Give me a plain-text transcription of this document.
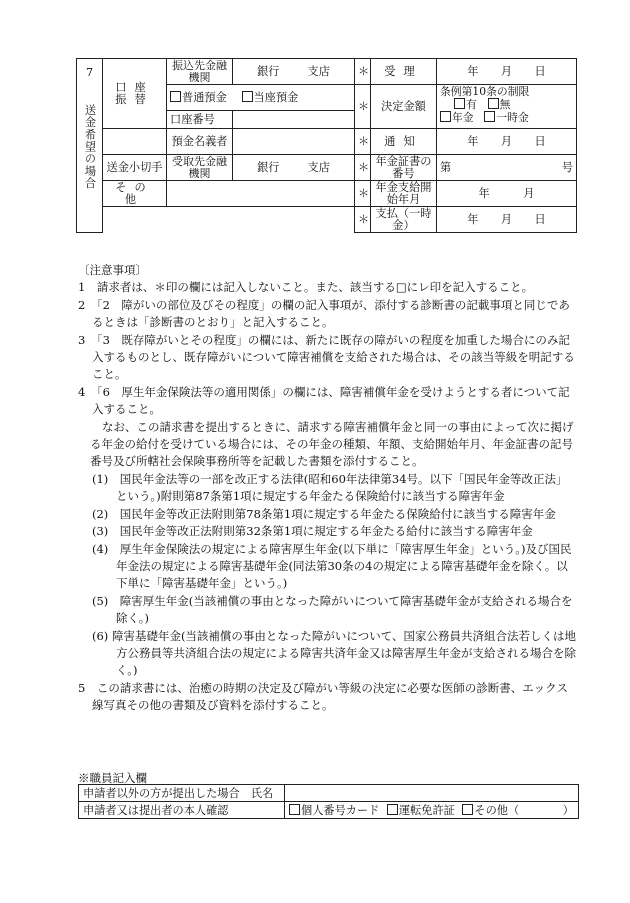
7
送金希望の場合	口座振替	振込先金融機関	銀行 支店	＊	受理	年　　 月　　 日
		普通預金　 当座預金		＊	決定金額	条例第10条の制限
有　 無
年金　 一時金

		口座番号				
		預金名義者		＊	通知	年　　 月　　 日
	送金小切手	受取先金融機関	銀行 支店	＊	年金証書の番号	第 号

	その他			＊	年金支給開始年月	年　　　 月
				＊	支払（一時金）	年　　 月　　 日

〔注意事項〕

1　請求者は、＊印の欄には記入しないこと。また、該当する□にレ印を記入すること。

2　「2　障がいの部位及びその程度」の欄の記入事項が、添付する診断書の記載事項と同じであるときは「診断書のとおり」と記入すること。

3　「3　既存障がいとその程度」の欄には、新たに既存の障がいの程度を加重した場合にのみ記入するものとし、既存障がいについて障害補償を支給された場合は、その該当等級を明記すること。

4　「6　厚生年金保険法等の適用関係」の欄には、障害補償年金を受けようとする者について記入すること。

なお、この請求書を提出するときに、請求する障害補償年金と同一の事由によって次に掲げる年金の給付を受けている場合には、その年金の種類、年額、支給開始年月、年金証書の記号番号及び所轄社会保険事務所等を記載した書類を添付すること。

(1)　国民年金法等の一部を改正する法律(昭和60年法律第34号。以下「国民年金等改正法」という。)附則第87条第1項に規定する年金たる保険給付に該当する障害年金

(2)　国民年金等改正法附則第78条第1項に規定する年金たる保険給付に該当する障害年金

(3)　国民年金等改正法附則第32条第1項に規定する年金たる給付に該当する障害年金

(4)　厚生年金保険法の規定による障害厚生年金(以下単に「障害厚生年金」という。)及び国民年金法の規定による障害基礎年金(同法第30条の4の規定による障害基礎年金を除く。以下単に「障害基礎年金」という。)

(5)　障害厚生年金(当該補償の事由となった障がいについて障害基礎年金が支給される場合を除く。)

(6) 障害基礎年金(当該補償の事由となった障がいについて、国家公務員共済組合法若しくは地方公務員等共済組合法の規定による障害共済年金又は障害厚生年金が支給される場合を除く。)

5　この請求書には、治癒の時期の決定及び障がい等級の決定に必要な医師の診断書、エックス線写真その他の書類及び資料を添付すること。

※職員記入欄
申請者以外の方が提出した場合　氏名	
申請者又は提出者の本人確認	個人番号カード 運転免許証 その他（ ）
